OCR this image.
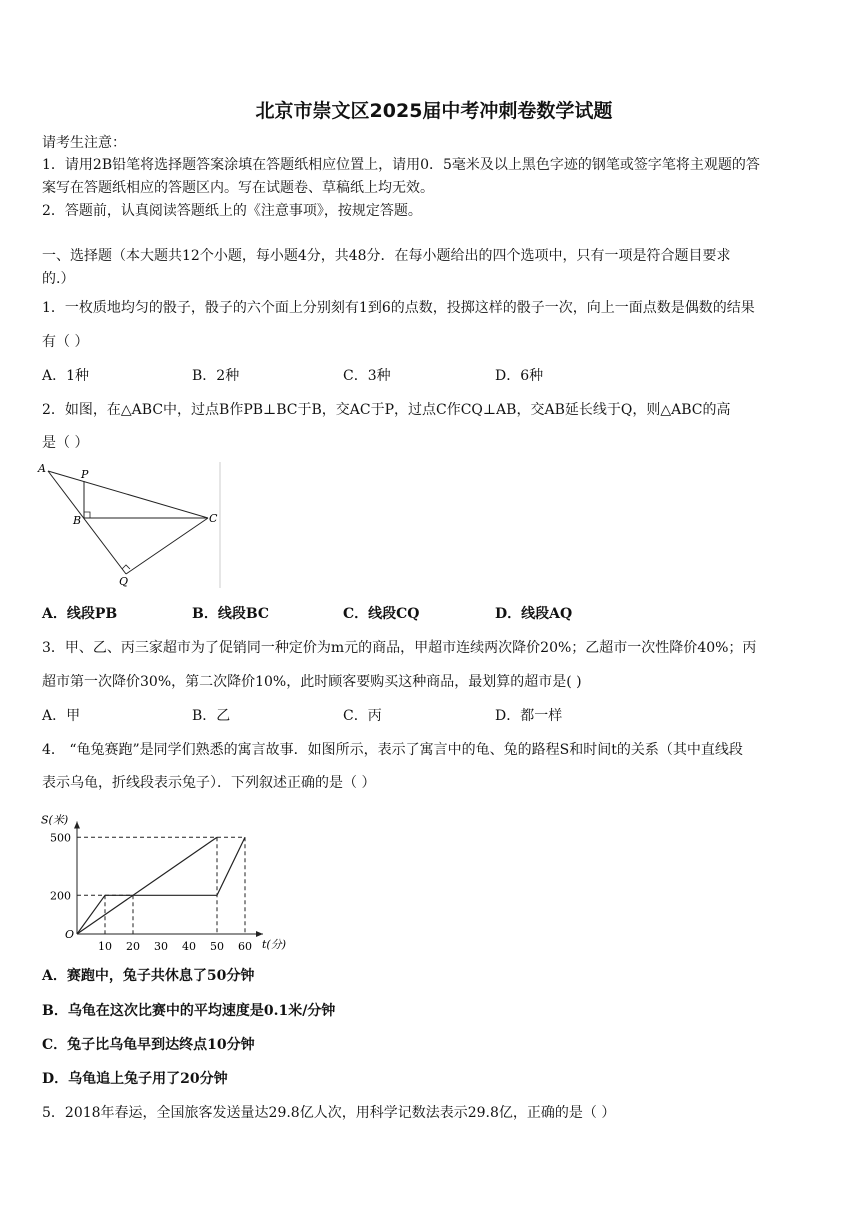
北京市崇文区2025届中考冲刺卷数学试题
请考生注意：
1．请用2B铅笔将选择题答案涂填在答题纸相应位置上，请用0．5毫米及以上黑色字迹的钢笔或签字笔将主观题的答
案写在答题纸相应的答题区内。写在试题卷、草稿纸上均无效。
2．答题前，认真阅读答题纸上的《注意事项》，按规定答题。
一、选择题（本大题共12个小题，每小题4分，共48分．在每小题给出的四个选项中，只有一项是符合题目要求
的.）
1．一枚质地均匀的骰子，骰子的六个面上分别刻有1到6的点数，投掷这样的骰子一次，向上一面点数是偶数的结果
有（ ）
A．1种	B．2种	C．3种	D．6种
2．如图，在△ABC中，过点B作PB⊥BC于B，交AC于P，过点C作CQ⊥AB，交AB延长线于Q，则△ABC的高
是（ ）
A	P
B	C
Q
A．线段PB	B．线段BC	C．线段CQ	D．线段AQ
3．甲、乙、丙三家超市为了促销同一种定价为m元的商品，甲超市连续两次降价20%；乙超市一次性降价40%；丙
超市第一次降价30%，第二次降价10%，此时顾客要购买这种商品，最划算的超市是( )
A．甲	B．乙	C．丙	D．都一样
4． “龟兔赛跑”是同学们熟悉的寓言故事．如图所示，表示了寓言中的龟、兔的路程S和时间t的关系（其中直线段
表示乌龟，折线段表示兔子）．下列叙述正确的是（ ）
t(分)
S(米)
O
10 20 30 40 50 60
200
500
A．赛跑中，兔子共休息了50分钟
B．乌龟在这次比赛中的平均速度是0.1米/分钟
C．兔子比乌龟早到达终点10分钟
D．乌龟追上兔子用了20分钟
5．2018年春运，全国旅客发送量达29.8亿人次，用科学记数法表示29.8亿，正确的是（ ）
